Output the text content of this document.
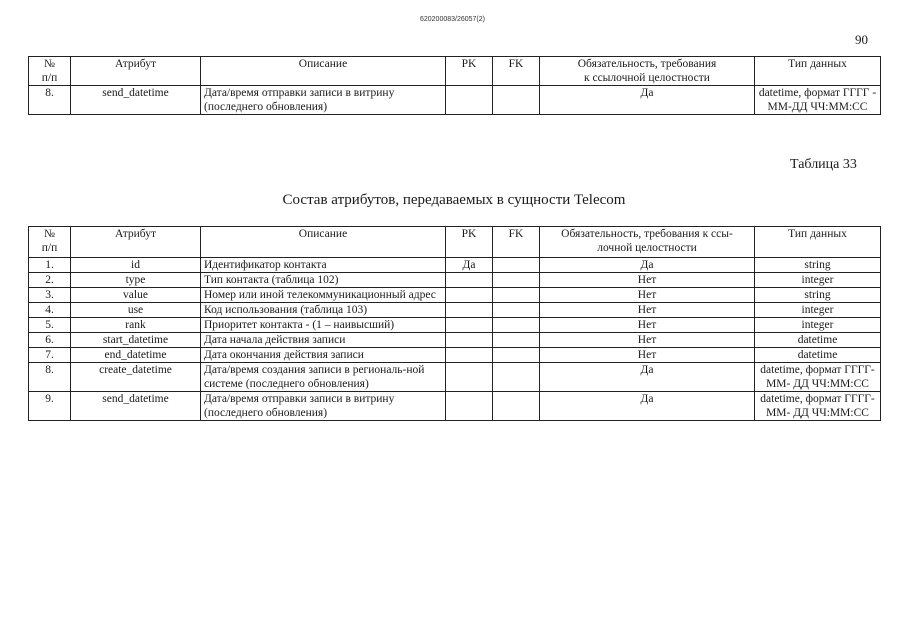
620200083/26057(2)
90
№
п/п	Атрибут	Описание	PK	FK	Обязательность, требования
к ссылочной целостности	Тип данных
8.	send_datetime	Дата/время отправки записи в витрину (последнего обновления)			Да	datetime, формат ГГГГ - ММ-ДД ЧЧ:ММ:СС
Таблица 33
Состав атрибутов, передаваемых в сущности Telecom
№
п/п	Атрибут	Описание	PK	FK	Обязательность, требования к ссы-
лочной целостности	Тип данных
1.	id	Идентификатор контакта	Да		Да	string
2.	type	Тип контакта (таблица 102)			Нет	integer
3.	value	Номер или иной телекоммуникационный адрес			Нет	string
4.	use	Код использования (таблица 103)			Нет	integer
5.	rank	Приоритет контакта - (1 – наивысший)			Нет	integer
6.	start_datetime	Дата начала действия записи			Нет	datetime
7.	end_datetime	Дата окончания действия записи			Нет	datetime
8.	create_datetime	Дата/время создания записи в региональ-ной системе (последнего обновления)			Да	datetime, формат ГГГГ-ММ- ДД ЧЧ:ММ:СС
9.	send_datetime	Дата/время отправки записи в витрину (последнего обновления)			Да	datetime, формат ГГГГ-ММ- ДД ЧЧ:ММ:СС
